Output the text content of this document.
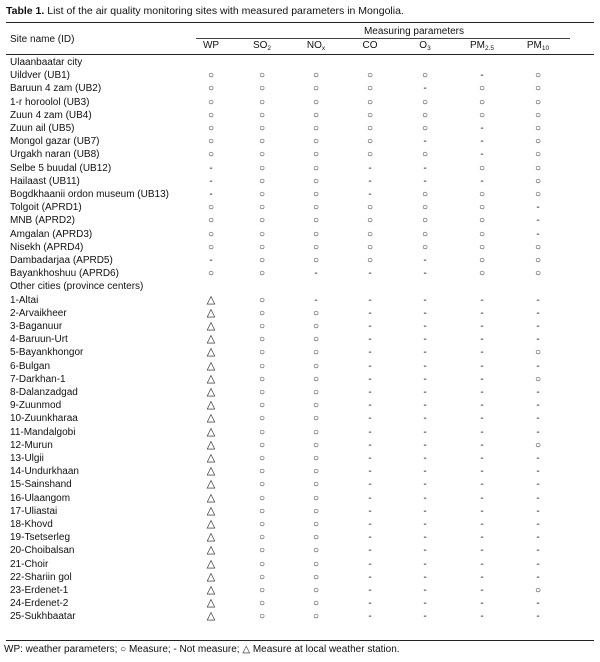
Table 1. List of the air quality monitoring sites with measured parameters in Mongolia.
Measuring parameters
Site name (ID)
WP	$SO_2$	$NO_x$	CO	$O_3$	$PM_{2.5}$	$PM_{10}$
Ulaanbaatar city
Uildver (UB1)	○	○	○	○	○	-	○
Baruun 4 zam (UB2)	○	○	○	○	-	○	○
1-r horoolol (UB3)	○	○	○	○	○	○	○
Zuun 4 zam (UB4)	○	○	○	○	○	○	○
Zuun ail (UB5)	○	○	○	○	○	-	○
Mongol gazar (UB7)	○	○	○	○	-	-	○
Urgakh naran (UB8)	○	○	○	○	○	-	○
Selbe 5 buudal (UB12)	-	○	○	-	-	○	○
Hailaast (UB11)	-	○	○	-	-	-	○
Bogdkhaanii ordon museum (UB13)	-	○	○	-	○	○	○
Tolgoit (APRD1)	○	○	○	○	○	○	-
MNB (APRD2)	○	○	○	○	○	○	-
Amgalan (APRD3)	○	○	○	○	○	○	-
Nisekh (APRD4)	○	○	○	○	○	○	○
Dambadarjaa (APRD5)	-	○	○	○	-	○	○
Bayankhoshuu (APRD6)	○	○	-	-	-	○	○
Other cities (province centers)
1-Altai	△	○	-	-	-	-	-
2-Arvaikheer	△	○	○	-	-	-	-
3-Baganuur	△	○	○	-	-	-	-
4-Baruun-Urt	△	○	○	-	-	-	-
5-Bayankhongor	△	○	○	-	-	-	○
6-Bulgan	△	○	○	-	-	-	-
7-Darkhan-1	△	○	○	-	-	-	○
8-Dalanzadgad	△	○	○	-	-	-	-
9-Zuunmod	△	○	○	-	-	-	-
10-Zuunkharaa	△	○	○	-	-	-	-
11-Mandalgobi	△	○	○	-	-	-	-
12-Murun	△	○	○	-	-	-	○
13-Ulgii	△	○	○	-	-	-	-
14-Undurkhaan	△	○	○	-	-	-	-
15-Sainshand	△	○	○	-	-	-	-
16-Ulaangom	△	○	○	-	-	-	-
17-Uliastai	△	○	○	-	-	-	-
18-Khovd	△	○	○	-	-	-	-
19-Tsetserleg	△	○	○	-	-	-	-
20-Choibalsan	△	○	○	-	-	-	-
21-Choir	△	○	○	-	-	-	-
22-Shariin gol	△	○	○	-	-	-	-
23-Erdenet-1	△	○	○	-	-	-	○
24-Erdenet-2	△	○	○	-	-	-	-
25-Sukhbaatar	△	○	○	-	-	-	-
WP: weather parameters; ○ Measure; - Not measure; △ Measure at local weather station.
